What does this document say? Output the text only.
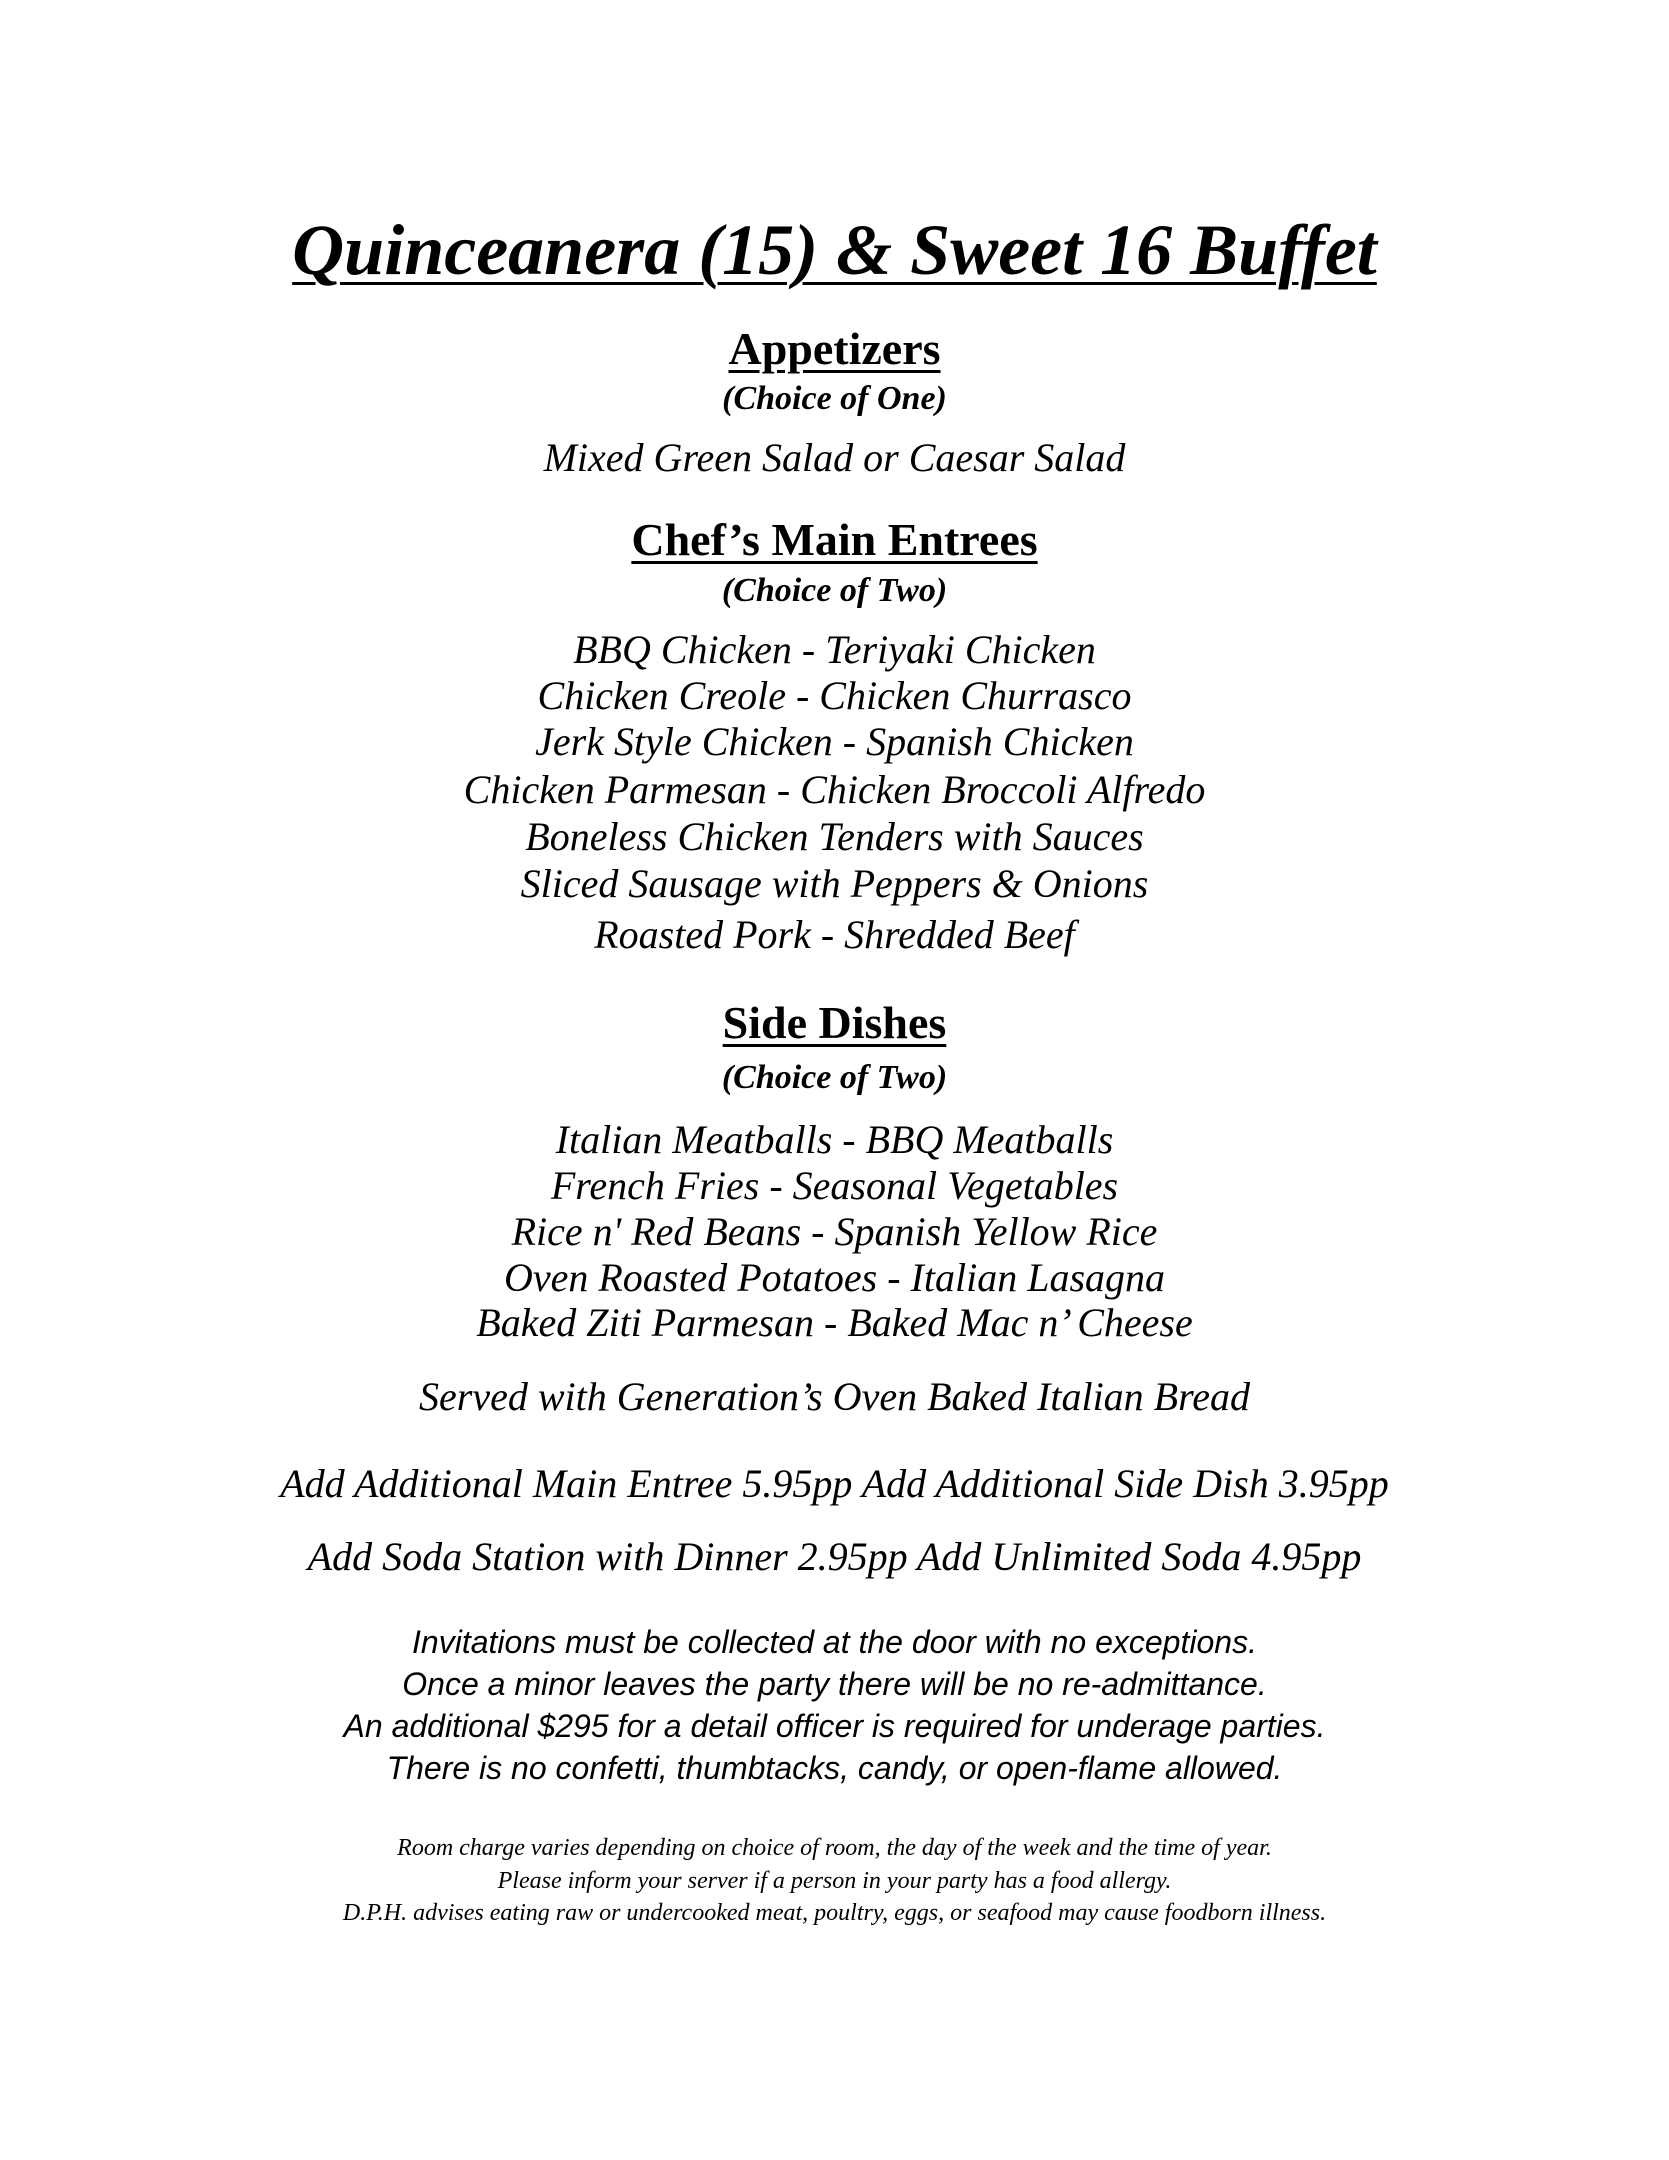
Quinceanera (15) & Sweet 16 Buffet
Appetizers
(Choice of One)
Mixed Green Salad or Caesar Salad
Chef’s Main Entrees
(Choice of Two)
BBQ Chicken - Teriyaki Chicken
Chicken Creole - Chicken Churrasco
Jerk Style Chicken - Spanish Chicken
Chicken Parmesan - Chicken Broccoli Alfredo
Boneless Chicken Tenders with Sauces
Sliced Sausage with Peppers & Onions
Roasted Pork - Shredded Beef
Side Dishes
(Choice of Two)
Italian Meatballs - BBQ Meatballs
French Fries - Seasonal Vegetables
Rice n' Red Beans - Spanish Yellow Rice
Oven Roasted Potatoes - Italian Lasagna
Baked Ziti Parmesan - Baked Mac n’ Cheese
Served with Generation’s Oven Baked Italian Bread
Add Additional Main Entree 5.95pp Add Additional Side Dish 3.95pp
Add Soda Station with Dinner 2.95pp Add Unlimited Soda 4.95pp
Invitations must be collected at the door with no exceptions.
Once a minor leaves the party there will be no re-admittance.
An additional $295 for a detail officer is required for underage parties.
There is no confetti, thumbtacks, candy, or open-flame allowed.
Room charge varies depending on choice of room, the day of the week and the time of year.
Please inform your server if a person in your party has a food allergy.
D.P.H. advises eating raw or undercooked meat, poultry, eggs, or seafood may cause foodborn illness.
